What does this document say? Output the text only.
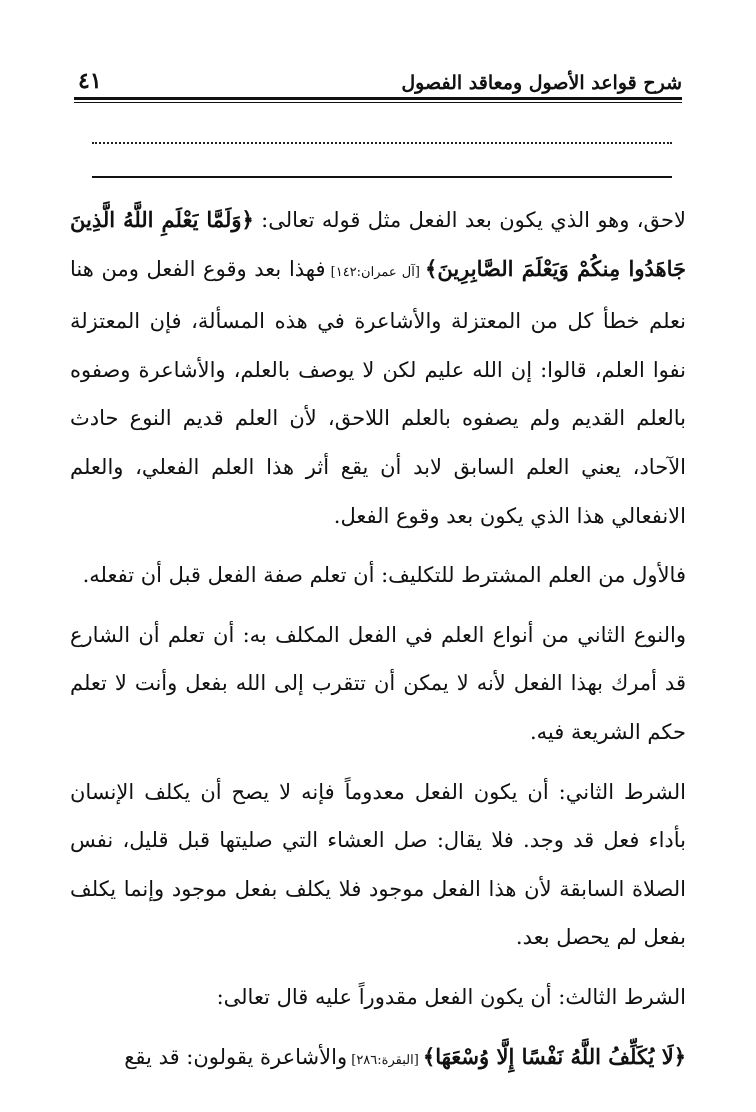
٤١	شرح قواعد الأصول ومعاقد الفصول

لاحق، وهو الذي يكون بعد الفعل مثل قوله تعالى: ﴿وَلَمَّا يَعْلَمِ اللَّهُ الَّذِينَ جَاهَدُوا مِنكُمْ وَيَعْلَمَ الصَّابِرِينَ﴾ [آل عمران:١٤٢] فهذا بعد وقوع الفعل ومن هنا نعلم خطأ كل من المعتزلة والأشاعرة في هذه المسألة، فإن المعتزلة نفوا العلم، قالوا: إن الله عليم لكن لا يوصف بالعلم، والأشاعرة وصفوه بالعلم القديم ولم يصفوه بالعلم اللاحق، لأن العلم قديم النوع حادث الآحاد، يعني العلم السابق لابد أن يقع أثر هذا العلم الفعلي، والعلم الانفعالي هذا الذي يكون بعد وقوع الفعل.

فالأول من العلم المشترط للتكليف: أن تعلم صفة الفعل قبل أن تفعله.

والنوع الثاني من أنواع العلم في الفعل المكلف به: أن تعلم أن الشارع قد أمرك بهذا الفعل لأنه لا يمكن أن تتقرب إلى الله بفعل وأنت لا تعلم حكم الشريعة فيه.

الشرط الثاني: أن يكون الفعل معدوماً فإنه لا يصح أن يكلف الإنسان بأداء فعل قد وجد. فلا يقال: صل العشاء التي صليتها قبل قليل، نفس الصلاة السابقة لأن هذا الفعل موجود فلا يكلف بفعل موجود وإنما يكلف بفعل لم يحصل بعد.

الشرط الثالث: أن يكون الفعل مقدوراً عليه قال تعالى:

﴿لَا يُكَلِّفُ اللَّهُ نَفْسًا إِلَّا وُسْعَهَا﴾ [البقرة:٢٨٦] والأشاعرة يقولون: قد يقع
